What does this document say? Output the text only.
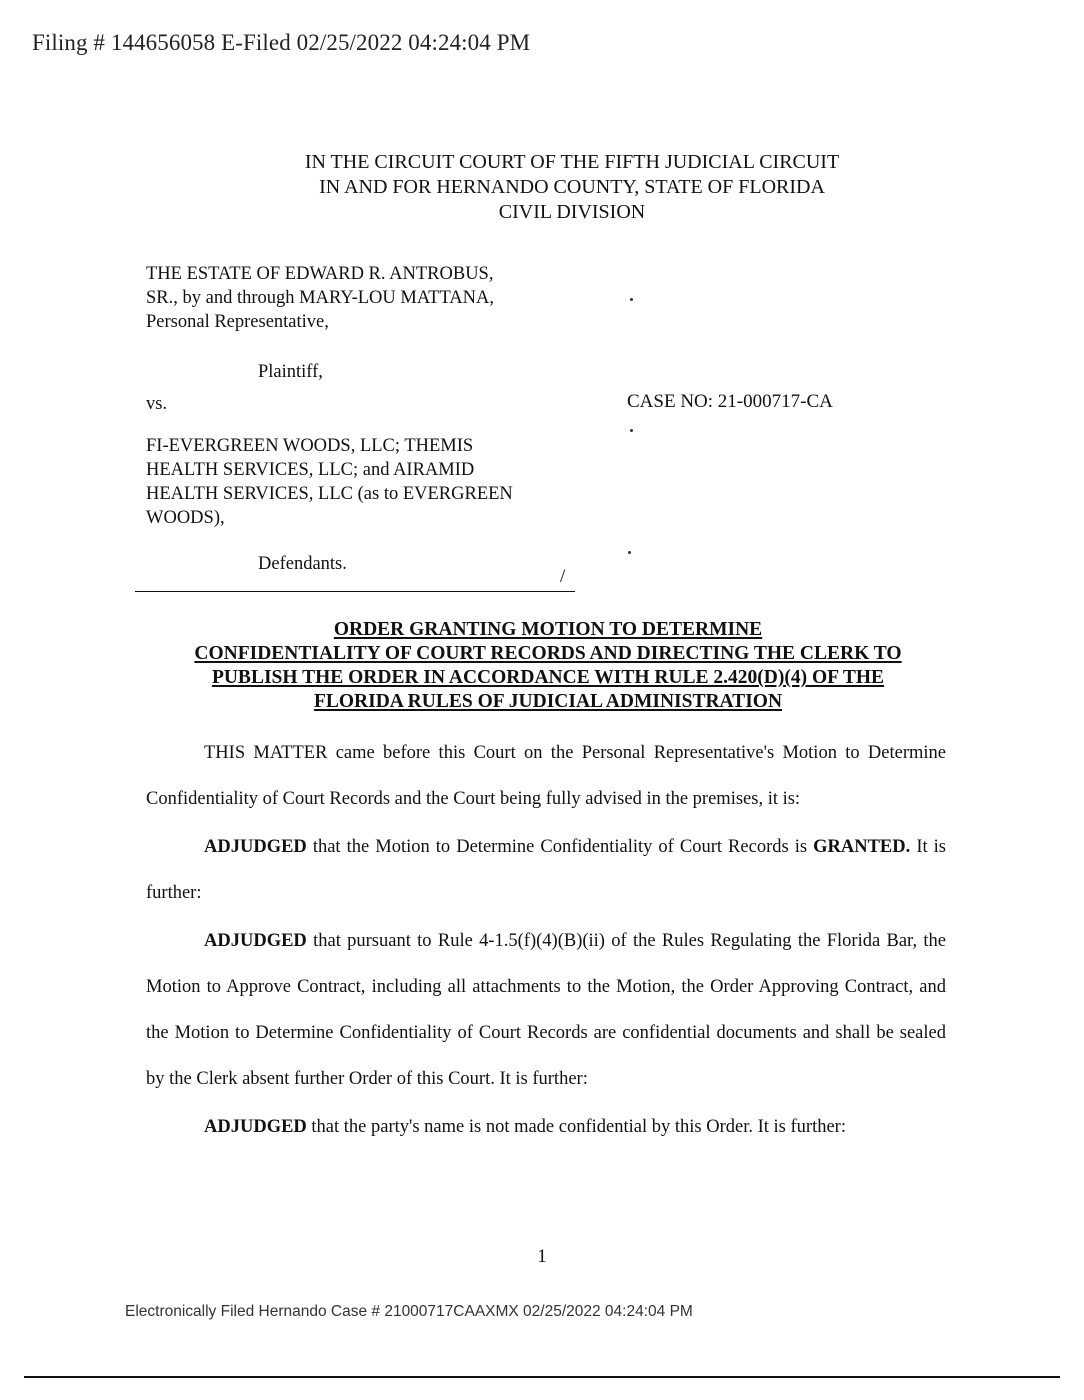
Filing # 144656058 E-Filed 02/25/2022 04:24:04 PM
IN THE CIRCUIT COURT OF THE FIFTH JUDICIAL CIRCUIT
IN AND FOR HERNANDO COUNTY, STATE OF FLORIDA
CIVIL DIVISION
THE ESTATE OF EDWARD R. ANTROBUS,
SR., by and through MARY-LOU MATTANA,
Personal Representative,
Plaintiff,
vs.
FI-EVERGREEN WOODS, LLC; THEMIS
HEALTH SERVICES, LLC; and AIRAMID
HEALTH SERVICES, LLC (as to EVERGREEN
WOODS),
Defendants.
CASE NO: 21-000717-CA
/
ORDER GRANTING MOTION TO DETERMINE
CONFIDENTIALITY OF COURT RECORDS AND DIRECTING THE CLERK TO
PUBLISH THE ORDER IN ACCORDANCE WITH RULE 2.420(D)(4) OF THE
FLORIDA RULES OF JUDICIAL ADMINISTRATION

THIS MATTER came before this Court on the Personal Representative's Motion to Determine Confidentiality of Court Records and the Court being fully advised in the premises, it is:

ADJUDGED that the Motion to Determine Confidentiality of Court Records is GRANTED. It is further:

ADJUDGED that pursuant to Rule 4-1.5(f)(4)(B)(ii) of the Rules Regulating the Florida Bar, the Motion to Approve Contract, including all attachments to the Motion, the Order Approving Contract, and the Motion to Determine Confidentiality of Court Records are confidential documents and shall be sealed by the Clerk absent further Order of this Court. It is further:

ADJUDGED that the party's name is not made confidential by this Order. It is further:

1
Electronically Filed Hernando Case # 21000717CAAXMX 02/25/2022 04:24:04 PM
